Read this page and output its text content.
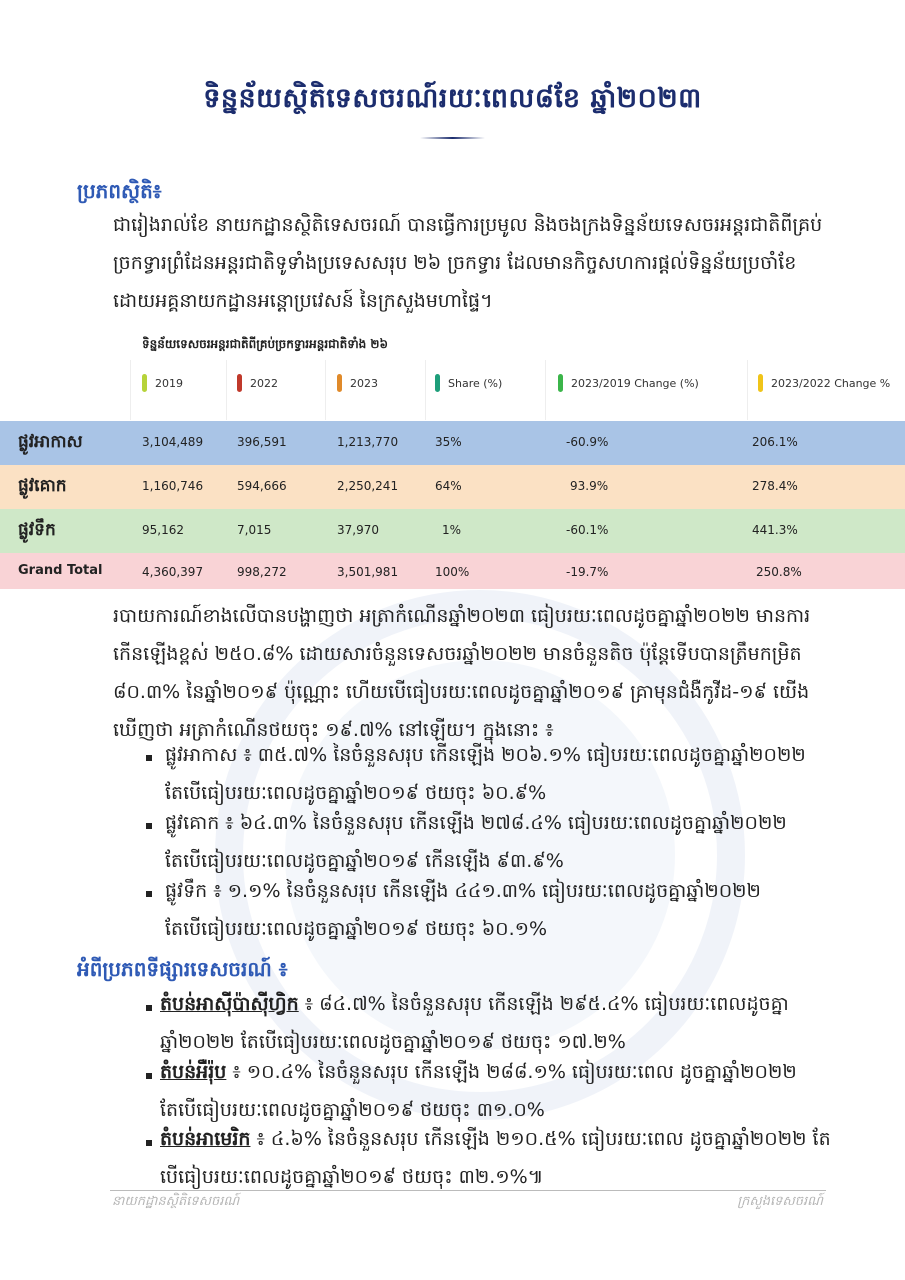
ទិន្នន័យស្ថិតិទេសចរណ៍រយៈពេល៨ខែ ឆ្នាំ២០២៣
ប្រភពស្ថិតិ៖
ជារៀងរាល់ខែ នាយកដ្ឋានស្ថិតិទេសចរណ៍ បានធ្វើការប្រមូល និងចងក្រងទិន្នន័យទេសចរអន្តរជាតិពីគ្រប់
ច្រកទ្វារព្រំដែនអន្តរជាតិទូទាំងប្រទេសសរុប ២៦ ច្រកទ្វារ ដែលមានកិច្ចសហការផ្តល់ទិន្នន័យប្រចាំខែ
ដោយអគ្គនាយកដ្ឋានអន្តោប្រវេសន៍ នៃក្រសួងមហាផ្ទៃ។
ទិន្នន័យទេសចរអន្តរជាតិពីគ្រប់ច្រកទ្វារអន្តរជាតិទាំង ២៦
2019	2022	2023	Share (%)	2023/2019 Change (%)	2023/2022 Change %
ផ្លូវអាកាស	3,104,489	396,591	1,213,770	35%	-60.9%	206.1%
ផ្លូវគោក	1,160,746	594,666	2,250,241	64%	93.9%	278.4%
ផ្លូវទឹក	95,162	7,015	37,970	1%	-60.1%	441.3%
Grand Total	4,360,397	998,272	3,501,981	100%	-19.7%	250.8%
របាយការណ៍ខាងលើបានបង្ហាញថា អត្រាកំណើនឆ្នាំ២០២៣ ធៀបរយៈពេលដូចគ្នាឆ្នាំ២០២២ មានការ
កើនឡើងខ្ពស់ ២៥០.៨% ដោយសារចំនួនទេសចរឆ្នាំ២០២២ មានចំនួនតិច ប៉ុន្តែទើបបានត្រឹមកម្រិត
៨០.៣% នៃឆ្នាំ២០១៩ ប៉ុណ្ណោះ ហើយបើធៀបរយៈពេលដូចគ្នាឆ្នាំ២០១៩ គ្រាមុនជំងឺកូវីដ-១៩ យើង
ឃើញថា អត្រាកំណើនថយចុះ ១៩.៧% នៅឡើយ។ ក្នុងនោះ ៖
ផ្លូវអាកាស ៖ ៣៥.៧% នៃចំនួនសរុប កើនឡើង ២០៦.១% ធៀបរយៈពេលដូចគ្នាឆ្នាំ២០២២
តែបើធៀបរយៈពេលដូចគ្នាឆ្នាំ២០១៩ ថយចុះ ៦០.៩%
ផ្លូវគោក ៖ ៦៤.៣% នៃចំនួនសរុប កើនឡើង ២៧៨.៤% ធៀបរយៈពេលដូចគ្នាឆ្នាំ២០២២
តែបើធៀបរយៈពេលដូចគ្នាឆ្នាំ២០១៩ កើនឡើង ៩៣.៩%
ផ្លូវទឹក ៖ ១.១% នៃចំនួនសរុប កើនឡើង ៤៤១.៣% ធៀបរយៈពេលដូចគ្នាឆ្នាំ២០២២
តែបើធៀបរយៈពេលដូចគ្នាឆ្នាំ២០១៩ ថយចុះ ៦០.១%
អំពីប្រភពទីផ្សារទេសចរណ៍ ៖
តំបន់អាស៊ីប៉ាស៊ីហ្វិក ៖ ៨៤.៧% នៃចំនួនសរុប កើនឡើង ២៩៥.៤% ធៀបរយៈពេលដូចគ្នា
ឆ្នាំ២០២២ តែបើធៀបរយៈពេលដូចគ្នាឆ្នាំ២០១៩ ថយចុះ ១៧.២%
តំបន់អឺរ៉ុប ៖ ១០.៤% នៃចំនួនសរុប កើនឡើង ២៨៨.១% ធៀបរយៈពេល ដូចគ្នាឆ្នាំ២០២២
តែបើធៀបរយៈពេលដូចគ្នាឆ្នាំ២០១៩ ថយចុះ ៣១.០%
តំបន់អាមេរិក ៖ ៤.៦% នៃចំនួនសរុប កើនឡើង ២១០.៥% ធៀបរយៈពេល ដូចគ្នាឆ្នាំ២០២២ តែ
បើធៀបរយៈពេលដូចគ្នាឆ្នាំ២០១៩ ថយចុះ ៣២.១%៕
នាយកដ្ឋានស្ថិតិទេសចរណ៍	ក្រសួងទេសចរណ៍
